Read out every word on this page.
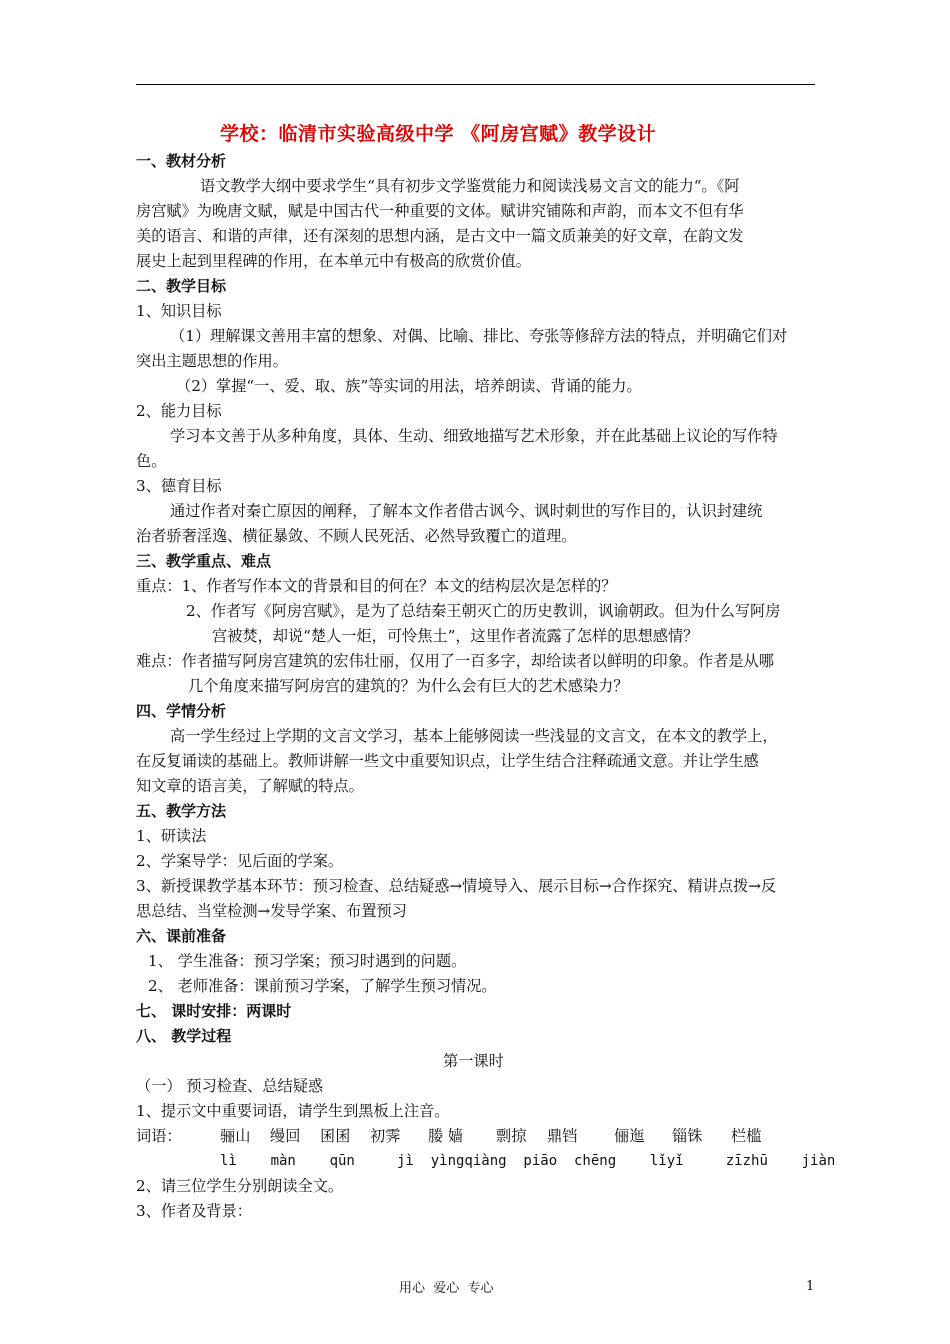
学校：临清市实验高级中学 《阿房宫赋》教学设计
一、教材分析
语文教学大纲中要求学生“具有初步文学鉴赏能力和阅读浅易文言文的能力“。《阿
房宫赋》为晚唐文赋，赋是中国古代一种重要的文体。赋讲究铺陈和声韵，而本文不但有华
美的语言、和谐的声律，还有深刻的思想内涵，是古文中一篇文质兼美的好文章，在韵文发
展史上起到里程碑的作用，在本单元中有极高的欣赏价值。
二、教学目标
1、知识目标
（1）理解课文善用丰富的想象、对偶、比喻、排比、夸张等修辞方法的特点，并明确它们对
突出主题思想的作用。
（2）掌握“一、爱、取、族”等实词的用法，培养朗读、背诵的能力。
2、能力目标
学习本文善于从多种角度，具体、生动、细致地描写艺术形象，并在此基础上议论的写作特
色。
3、德育目标
通过作者对秦亡原因的阐释，了解本文作者借古讽今、讽时刺世的写作目的，认识封建统
治者骄奢淫逸、横征暴敛、不顾人民死活、必然导致覆亡的道理。
三、教学重点、难点
重点：1、作者写作本文的背景和目的何在？本文的结构层次是怎样的？
2、作者写《阿房宫赋》，是为了总结秦王朝灭亡的历史教训，讽谕朝政。但为什么写阿房
宫被焚，却说“楚人一炬，可怜焦土”，这里作者流露了怎样的思想感情？
难点：作者描写阿房宫建筑的宏伟壮丽，仅用了一百多字，却给读者以鲜明的印象。作者是从哪
几个角度来描写阿房宫的建筑的？为什么会有巨大的艺术感染力？
四、学情分析
高一学生经过上学期的文言文学习，基本上能够阅读一些浅显的文言文，在本文的教学上，
在反复诵读的基础上。教师讲解一些文中重要知识点，让学生结合注释疏通文意。并让学生感
知文章的语言美，了解赋的特点。
五、教学方法
1、研读法
2、学案导学：见后面的学案。
3、新授课教学基本环节：预习检查、总结疑惑→情境导入、展示目标→合作探究、精讲点拨→反
思总结、当堂检测→发导学案、布置预习
六、课前准备
1、 学生准备：预习学案；预习时遇到的问题。
2、 老师准备：课前预习学案，了解学生预习情况。
七、 课时安排：两课时
八、 教学过程
第一课时
（一） 预习检查、总结疑惑
1、提示文中重要词语，请学生到黑板上注音。
词语：	骊山 缦回 囷囷 初霁 媵 嫱 剽掠 鼎铛 俪迤 锱铢 栏槛
lì    màn    qūn     jì  yìngqiàng  piāo  chēng    lǐyǐ     zīzhū    jiàn
2、请三位学生分别朗读全文。
3、作者及背景：
用心  爱心  专心	1
